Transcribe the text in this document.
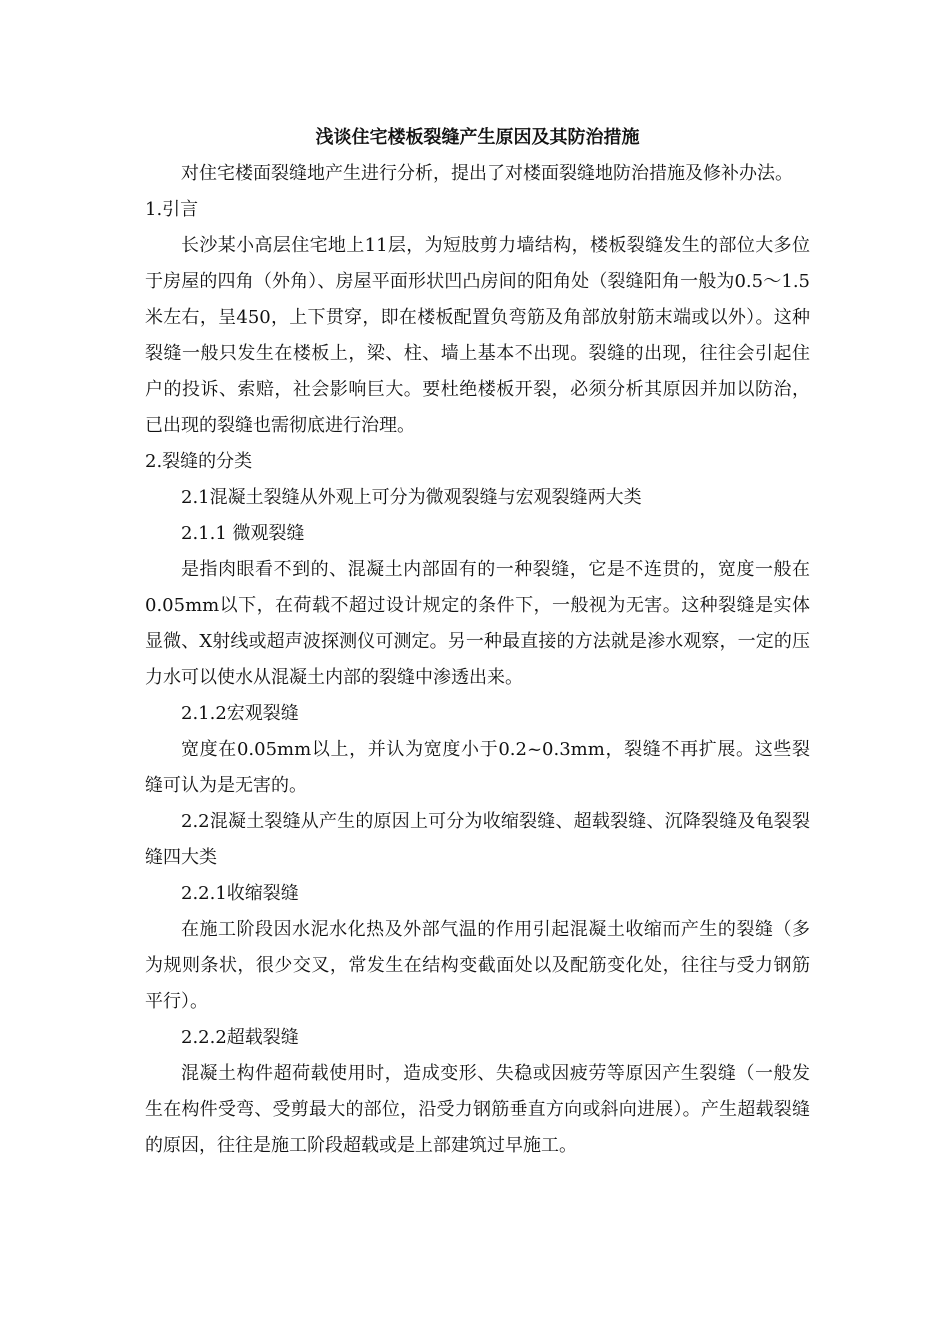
浅谈住宅楼板裂缝产生原因及其防治措施

对住宅楼面裂缝地产生进行分析，提出了对楼面裂缝地防治措施及修补办法。

1.引言

长沙某小高层住宅地上11层，为短肢剪力墙结构，楼板裂缝发生的部位大多位于房屋的四角（外角）、房屋平面形状凹凸房间的阳角处（裂缝阳角一般为0.5～1.5米左右，呈450，上下贯穿，即在楼板配置负弯筋及角部放射筋末端或以外）。这种裂缝一般只发生在楼板上，梁、柱、墙上基本不出现。裂缝的出现，往往会引起住户的投诉、索赔，社会影响巨大。要杜绝楼板开裂，必须分析其原因并加以防治，已出现的裂缝也需彻底进行治理。

2.裂缝的分类

2.1混凝土裂缝从外观上可分为微观裂缝与宏观裂缝两大类

2.1.1 微观裂缝

是指肉眼看不到的、混凝土内部固有的一种裂缝，它是不连贯的，宽度一般在0.05mm以下，在荷载不超过设计规定的条件下，一般视为无害。这种裂缝是实体显微、X射线或超声波探测仪可测定。另一种最直接的方法就是渗水观察，一定的压力水可以使水从混凝土内部的裂缝中渗透出来。

2.1.2宏观裂缝

宽度在0.05mm以上，并认为宽度小于0.2~0.3mm，裂缝不再扩展。这些裂缝可认为是无害的。

2.2混凝土裂缝从产生的原因上可分为收缩裂缝、超载裂缝、沉降裂缝及龟裂裂缝四大类

2.2.1收缩裂缝

在施工阶段因水泥水化热及外部气温的作用引起混凝土收缩而产生的裂缝（多为规则条状，很少交叉，常发生在结构变截面处以及配筋变化处，往往与受力钢筋平行）。

2.2.2超载裂缝

混凝土构件超荷载使用时，造成变形、失稳或因疲劳等原因产生裂缝（一般发生在构件受弯、受剪最大的部位，沿受力钢筋垂直方向或斜向进展）。产生超载裂缝的原因，往往是施工阶段超载或是上部建筑过早施工。
